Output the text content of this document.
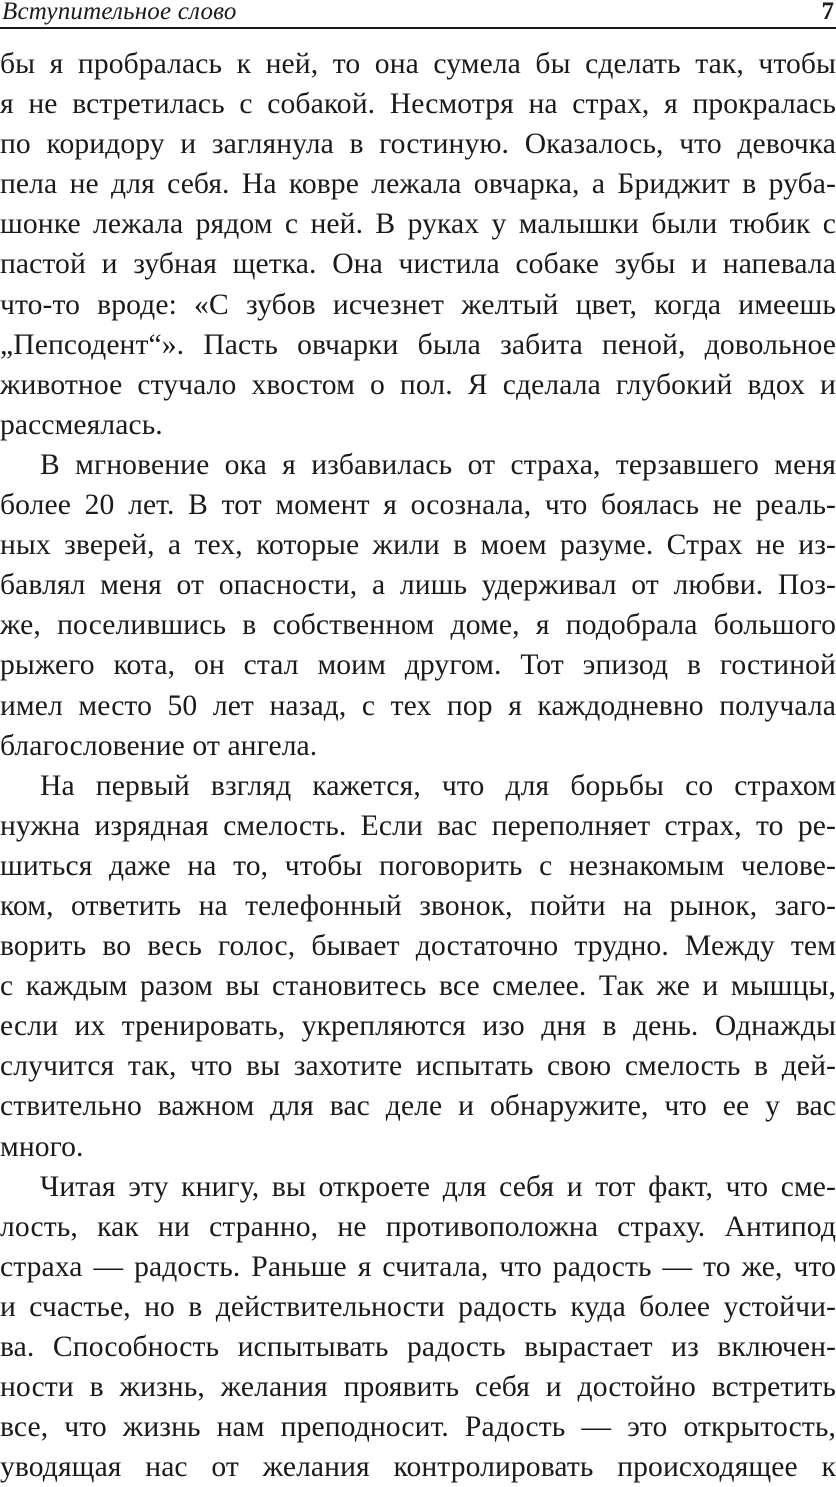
Вступительное слово	7
бы я пробралась к ней, то она сумела бы сделать так, чтобы
я не встретилась с собакой. Несмотря на страх, я прокралась
по коридору и заглянула в гостиную. Оказалось, что девочка
пела не для себя. На ковре лежала овчарка, а Бриджит в руба-
шонке лежала рядом с ней. В руках у малышки были тюбик с
пастой и зубная щетка. Она чистила собаке зубы и напевала
что-то вроде: «С зубов исчезнет желтый цвет, когда имеешь
„Пепсодент“». Пасть овчарки была забита пеной, довольное
животное стучало хвостом о пол. Я сделала глубокий вдох и
рассмеялась.
В мгновение ока я избавилась от страха, терзавшего меня
более 20 лет. В тот момент я осознала, что боялась не реаль-
ных зверей, а тех, которые жили в моем разуме. Страх не из-
бавлял меня от опасности, а лишь удерживал от любви. Поз-
же, поселившись в собственном доме, я подобрала большого
рыжего кота, он стал моим другом. Тот эпизод в гостиной
имел место 50 лет назад, с тех пор я каждодневно получала
благословение от ангела.
На первый взгляд кажется, что для борьбы со страхом
нужна изрядная смелость. Если вас переполняет страх, то ре-
шиться даже на то, чтобы поговорить с незнакомым челове-
ком, ответить на телефонный звонок, пойти на рынок, заго-
ворить во весь голос, бывает достаточно трудно. Между тем
с каждым разом вы становитесь все смелее. Так же и мышцы,
если их тренировать, укрепляются изо дня в день. Однажды
случится так, что вы захотите испытать свою смелость в дей-
ствительно важном для вас деле и обнаружите, что ее у вас
много.
Читая эту книгу, вы откроете для себя и тот факт, что сме-
лость, как ни странно, не противоположна страху. Антипод
страха — радость. Раньше я считала, что радость — то же, что
и счастье, но в действительности радость куда более устойчи-
ва. Способность испытывать радость вырастает из включен-
ности в жизнь, желания проявить себя и достойно встретить
все, что жизнь нам преподносит. Радость — это открытость,
уводящая нас от желания контролировать происходящее к
